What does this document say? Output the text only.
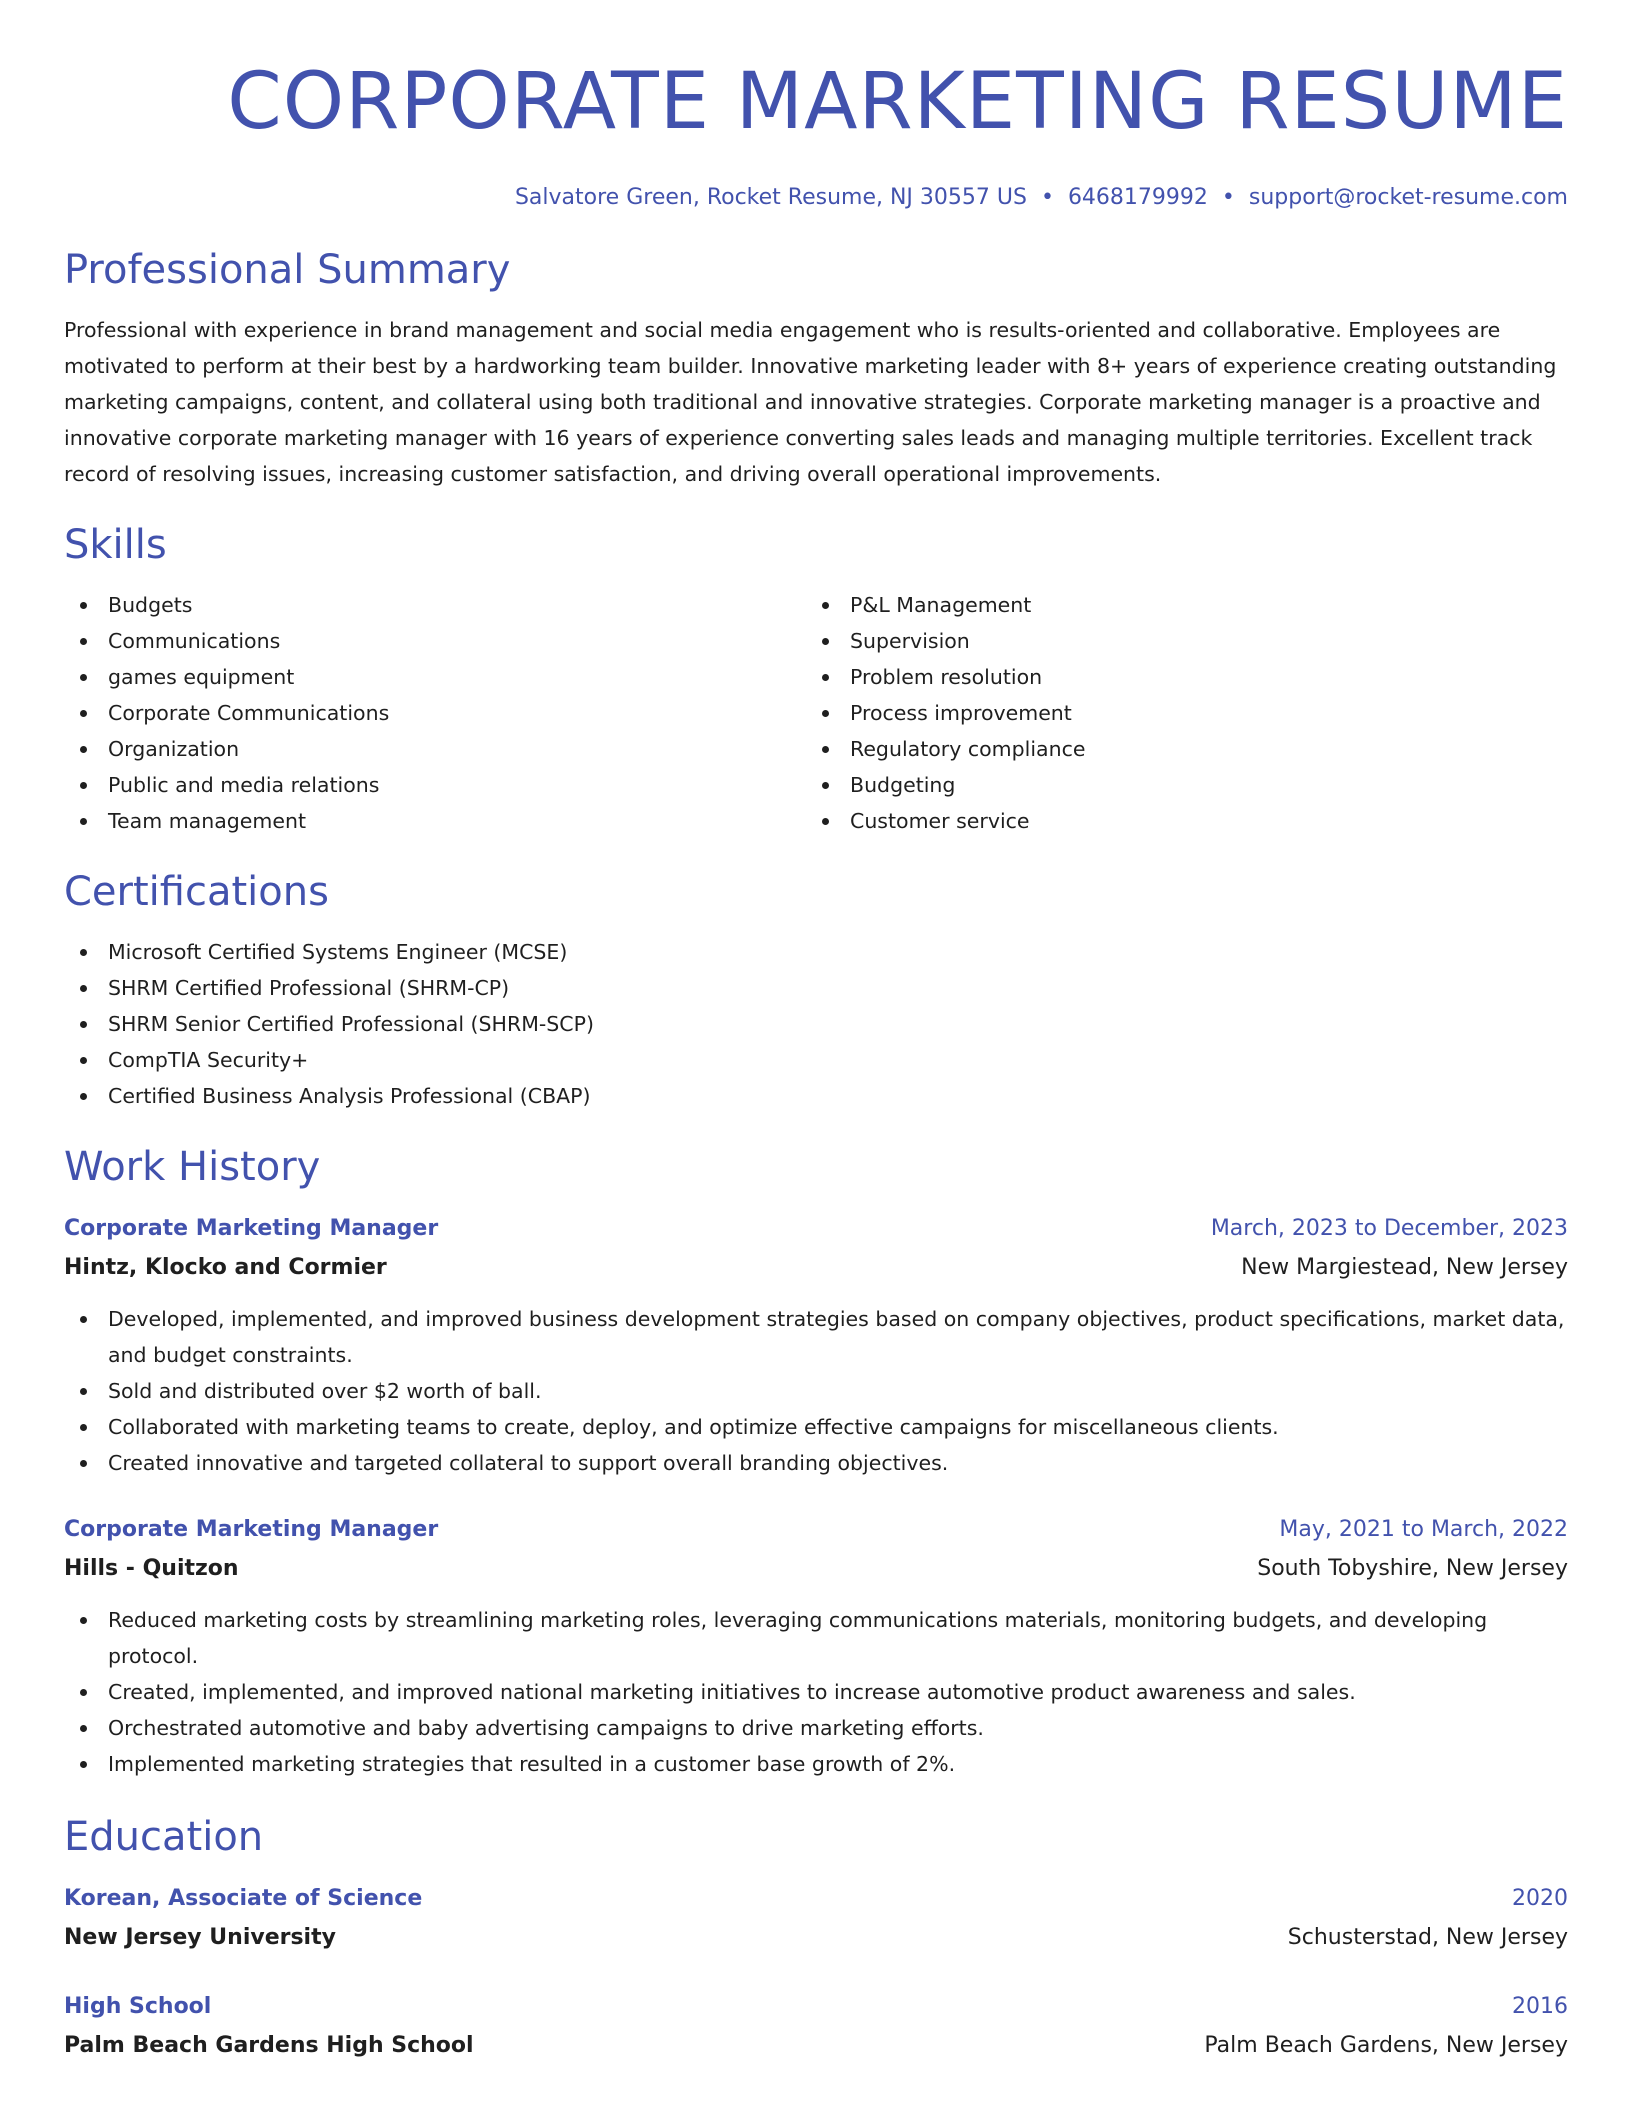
CORPORATE MARKETING RESUME
Salvatore Green, Rocket Resume, NJ 30557 US • 6468179992 • support@rocket-resume.com
Professional Summary
Professional with experience in brand management and social media engagement who is results-oriented and collaborative. Employees are motivated to perform at their best by a hardworking team builder. Innovative marketing leader with 8+ years of experience creating outstanding marketing campaigns, content, and collateral using both traditional and innovative strategies. Corporate marketing manager is a proactive and innovative corporate marketing manager with 16 years of experience converting sales leads and managing multiple territories. Excellent track record of resolving issues, increasing customer satisfaction, and driving overall operational improvements.
Skills
Budgets
Communications
games equipment
Corporate Communications
Organization
Public and media relations
Team management
P&L Management
Supervision
Problem resolution
Process improvement
Regulatory compliance
Budgeting
Customer service
Certifications
Microsoft Certified Systems Engineer (MCSE)
SHRM Certified Professional (SHRM-CP)
SHRM Senior Certified Professional (SHRM-SCP)
CompTIA Security+
Certified Business Analysis Professional (CBAP)
Work History
Corporate Marketing Manager	March, 2023 to December, 2023
Hintz, Klocko and Cormier	New Margiestead, New Jersey
Developed, implemented, and improved business development strategies based on company objectives, product specifications, market data, and budget constraints.
Sold and distributed over $2 worth of ball.
Collaborated with marketing teams to create, deploy, and optimize effective campaigns for miscellaneous clients.
Created innovative and targeted collateral to support overall branding objectives.
Corporate Marketing Manager	May, 2021 to March, 2022
Hills - Quitzon	South Tobyshire, New Jersey
Reduced marketing costs by streamlining marketing roles, leveraging communications materials, monitoring budgets, and developing protocol.
Created, implemented, and improved national marketing initiatives to increase automotive product awareness and sales.
Orchestrated automotive and baby advertising campaigns to drive marketing efforts.
Implemented marketing strategies that resulted in a customer base growth of 2%.
Education
Korean, Associate of Science	2020
New Jersey University	Schusterstad, New Jersey
High School	2016
Palm Beach Gardens High School	Palm Beach Gardens, New Jersey
